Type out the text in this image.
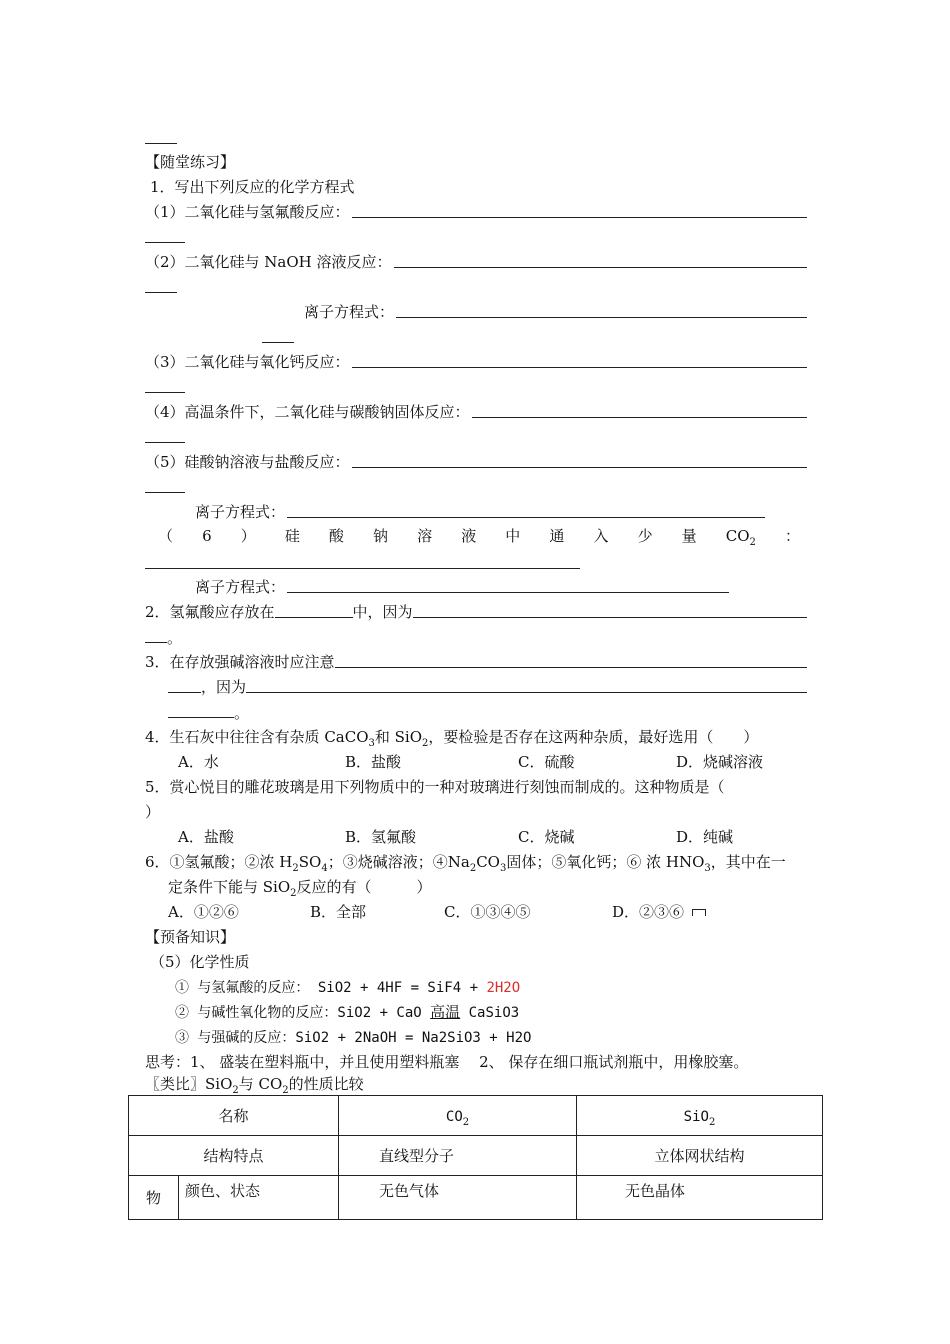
【随堂练习】
1．写出下列反应的化学方程式
（1）二氧化硅与氢氟酸反应：
（2）二氧化硅与 NaOH 溶液反应：
离子方程式：
（3）二氧化硅与氧化钙反应：
（4）高温条件下，二氧化硅与碳酸钠固体反应：
（5）硅酸钠溶液与盐酸反应：
离子方程式：
（ 6 ） 硅 酸 钠 溶 液 中 通 入 少 量 $CO_2$ ：
离子方程式：
2．氢氟酸应存放在	中，因为
。
3．在存放强碱溶液时应注意
，因为
。
4．生石灰中往往含有杂质 CaCO$_3$和 SiO$_2$，要检验是否存在这两种杂质，最好选用（　　）
A．水	B．盐酸	C．硫酸	D．烧碱溶液
5．赏心悦目的雕花玻璃是用下列物质中的一种对玻璃进行刻蚀而制成的。这种物质是（
）
A．盐酸	B．氢氟酸	C．烧碱	D．纯碱
6．①氢氟酸；②浓 $H_2SO_4$；③烧碱溶液；$④Na_2CO_3$固体；⑤氧化钙；⑥ 浓 $HNO_3$，其中在一
定条件下能与 SiO$_2$反应的有（　　　）
A．①②⑥	B．全部	C．①③④⑤	D．②③⑥
【预备知识】
（5）化学性质
① 与氢氟酸的反应： SiO2 + 4HF = SiF4 + 2H2O
② 与碱性氧化物的反应：SiO2 + CaO 高温 CaSiO3
③ 与强碱的反应：SiO2 + 2NaOH = Na2SiO3 + H2O
思考：1、 盛装在塑料瓶中，并且使用塑料瓶塞　 2、 保存在细口瓶试剂瓶中，用橡胶塞。
〖类比〗SiO$_2$与 $CO_2$的性质比较
名称		$CO_2$	SiO$_2$
结构特点		直线型分子	立体网状结构
物	颜色、状态	无色气体	无色晶体
